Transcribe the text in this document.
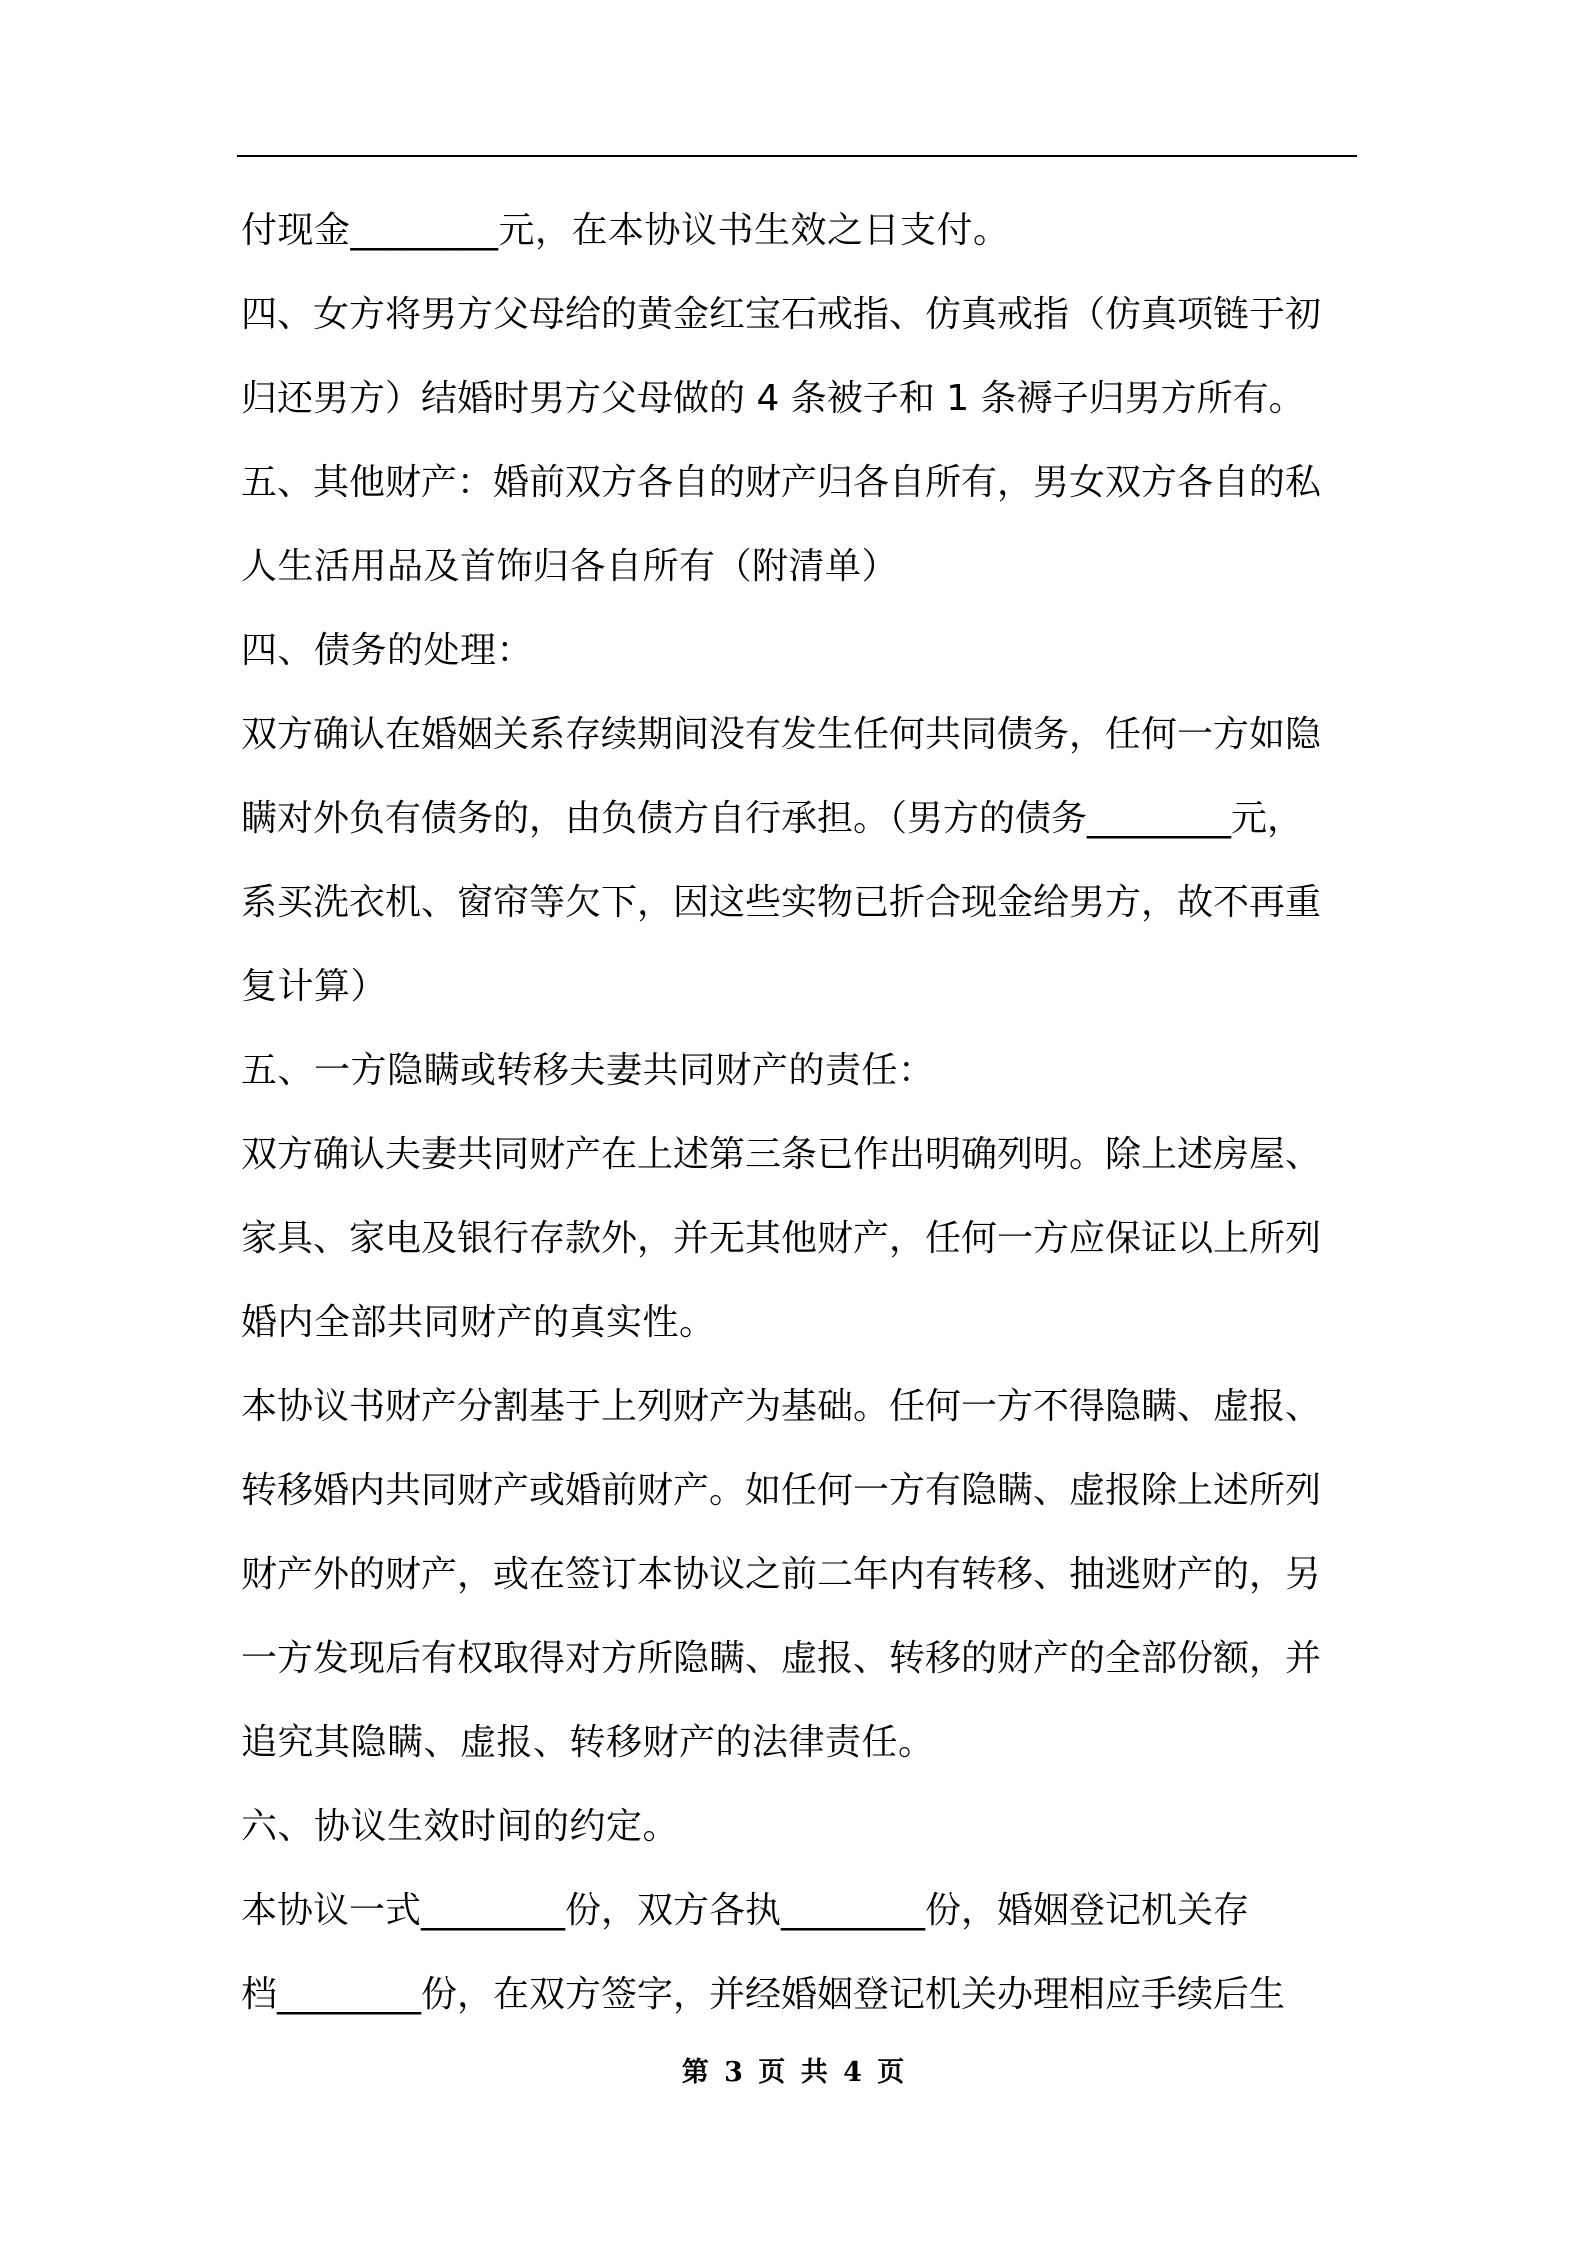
付现金________元，在本协议书生效之日支付。
四、女方将男方父母给的黄金红宝石戒指、仿真戒指（仿真项链于初
归还男方）结婚时男方父母做的 4 条被子和 1 条褥子归男方所有。
五、其他财产：婚前双方各自的财产归各自所有，男女双方各自的私
人生活用品及首饰归各自所有（附清单）
四、债务的处理：
双方确认在婚姻关系存续期间没有发生任何共同债务，任何一方如隐
瞒对外负有债务的，由负债方自行承担。（男方的债务________元，
系买洗衣机、窗帘等欠下，因这些实物已折合现金给男方，故不再重
复计算）
五、一方隐瞒或转移夫妻共同财产的责任：
双方确认夫妻共同财产在上述第三条已作出明确列明。除上述房屋、
家具、家电及银行存款外，并无其他财产，任何一方应保证以上所列
婚内全部共同财产的真实性。
本协议书财产分割基于上列财产为基础。任何一方不得隐瞒、虚报、
转移婚内共同财产或婚前财产。如任何一方有隐瞒、虚报除上述所列
财产外的财产，或在签订本协议之前二年内有转移、抽逃财产的，另
一方发现后有权取得对方所隐瞒、虚报、转移的财产的全部份额，并
追究其隐瞒、虚报、转移财产的法律责任。
六、协议生效时间的约定。
本协议一式________份，双方各执________份，婚姻登记机关存
档________份，在双方签字，并经婚姻登记机关办理相应手续后生
第 3 页 共 4 页
